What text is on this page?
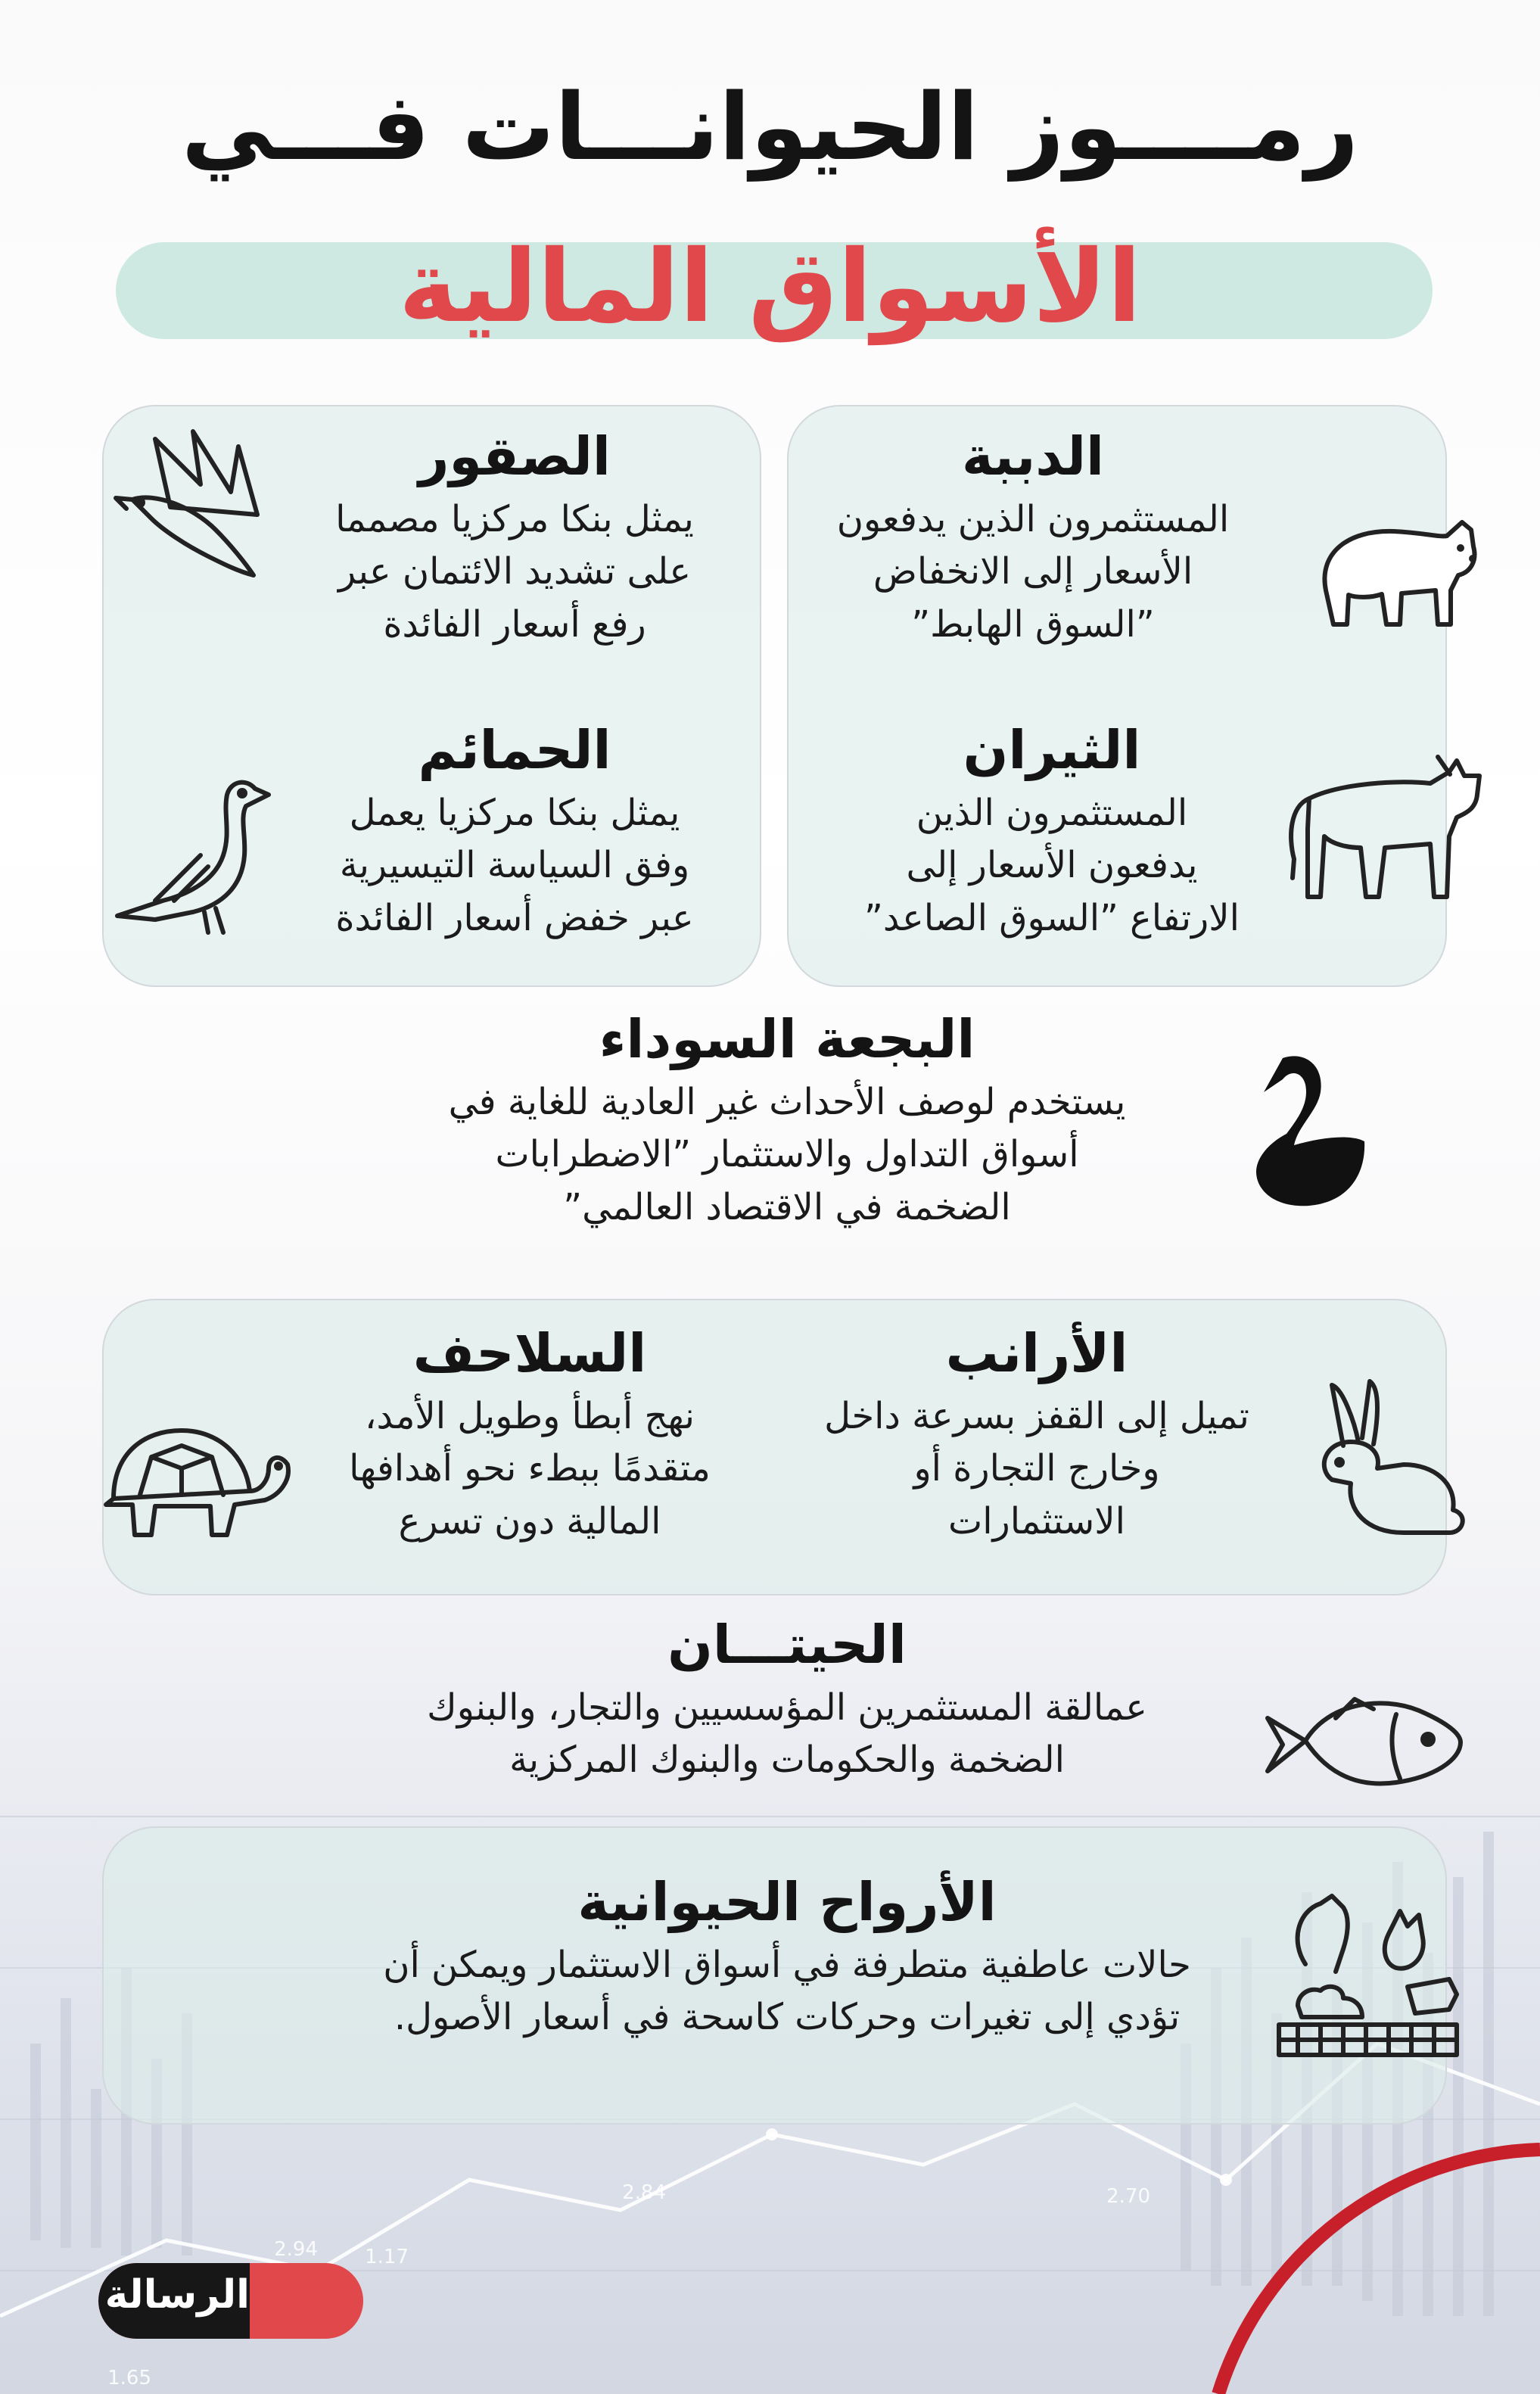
2.94 1.17
2.70
1.65
2.84
رمــــوز الحيوانـــات فـــي
الأسواق المالية
الدببة

المستثمرون الذين يدفعون
الأسعار إلى الانخفاض
”السوق الهابط”

الصقور

يمثل بنكا مركزيا مصمما
على تشديد الائتمان عبر
رفع أسعار الفائدة

الثيران

المستثمرون الذين
يدفعون الأسعار إلى
الارتفاع ”السوق الصاعد”

الحمائم

يمثل بنكا مركزيا يعمل
وفق السياسة التيسيرية
عبر خفض أسعار الفائدة

البجعة السوداء

يستخدم لوصف الأحداث غير العادية للغاية في
أسواق التداول والاستثمار ”الاضطرابات
الضخمة في الاقتصاد العالمي”

الأرانب

تميل إلى القفز بسرعة داخل
وخارج التجارة أو
الاستثمارات

السلاحف

نهج أبطأ وطويل الأمد،
متقدمًا ببطء نحو أهدافها
المالية دون تسرع

الحيتـــان

عمالقة المستثمرين المؤسسيين والتجار، والبنوك
الضخمة والحكومات والبنوك المركزية

الأرواح الحيوانية

حالات عاطفية متطرفة في أسواق الاستثمار ويمكن أن
تؤدي إلى تغيرات وحركات كاسحة في أسعار الأصول.

الرسالة
